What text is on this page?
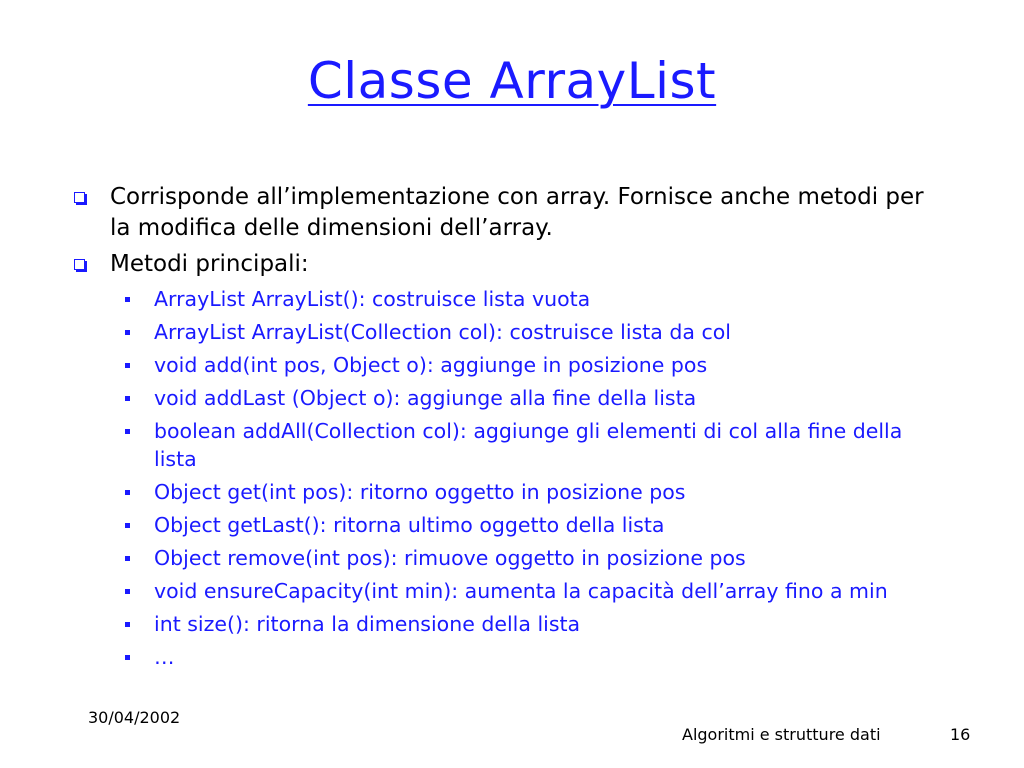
Classe ArrayList
Corrisponde all’implementazione con array. Fornisce anche metodi per la modifica delle dimensioni dell’array.
Metodi principali:
ArrayList ArrayList(): costruisce lista vuota
ArrayList ArrayList(Collection col): costruisce lista da col
void add(int pos, Object o): aggiunge in posizione pos
void addLast (Object o): aggiunge alla fine della lista
boolean addAll(Collection col): aggiunge gli elementi di col alla fine della lista
Object get(int pos): ritorno oggetto in posizione pos
Object getLast(): ritorna ultimo oggetto della lista
Object remove(int pos): rimuove oggetto in posizione pos
void ensureCapacity(int min): aumenta la capacità dell’array fino a min
int size(): ritorna la dimensione della lista
…
30/04/2002
Algoritmi e strutture dati	16
